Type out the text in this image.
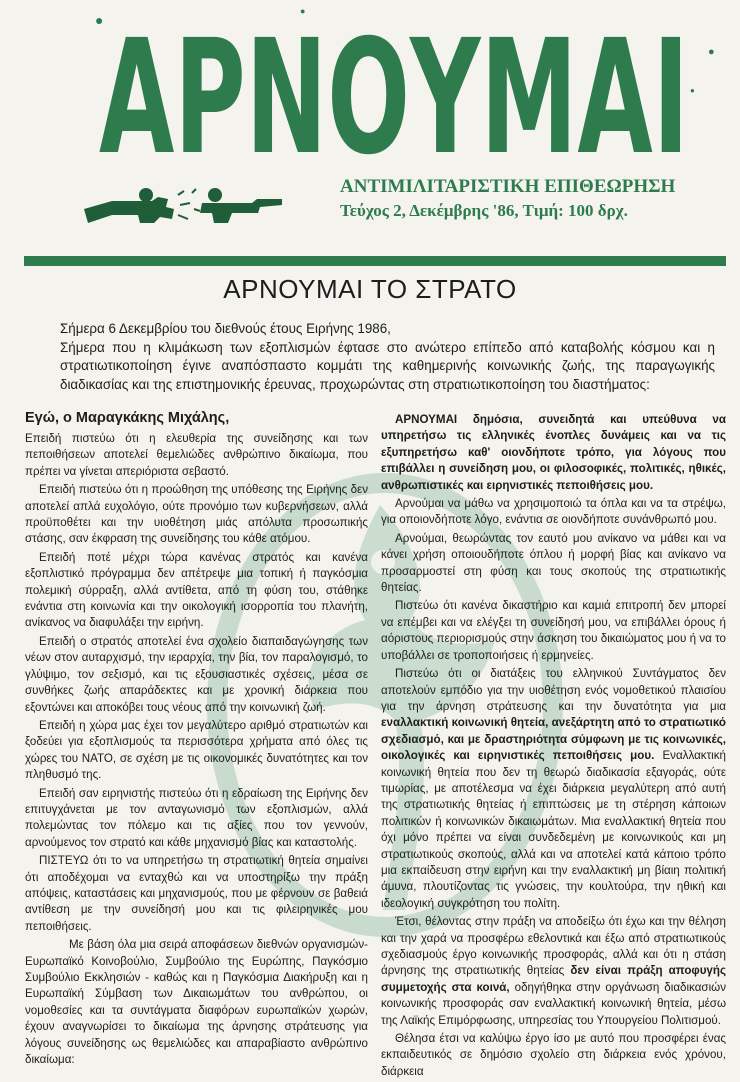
ΑΡΝΟΥΜΑΙ
●
●
●
●
ΑΝΤΙΜΙΛΙΤΑΡΙΣΤΙΚΗ ΕΠΙΘΕΩΡΗΣΗ
Τεύχος 2, Δεκέμβρης '86, Τιμή: 100 δρχ.
ΑΡΝΟΥΜΑΙ ΤΟ ΣΤΡΑΤΟ

Σήμερα 6 Δεκεμβρίου του διεθνούς έτους Ειρήνης 1986,

Σήμερα που η κλιμάκωση των εξοπλισμών έφτασε στο ανώτερο επίπεδο από καταβολής κόσμου και η στρατιωτικοποίηση έγινε αναπόσπαστο κομμάτι της καθημερινής κοινωνικής ζωής, της παραγωγικής διαδικασίας και της επιστημονικής έρευνας, προχωρώντας στη στρατιωτικοποίηση του διαστήματος:

Εγώ, ο Μαραγκάκης Μιχάλης,

Επειδή πιστεύω ότι η ελευθερία της συνείδησης και των πεποιθήσεων αποτελεί θεμελιώδες ανθρώπινο δικαίωμα, που πρέπει να γίνεται απεριόριστα σεβαστό.

Επειδή πιστεύω ότι η προώθηση της υπόθεσης της Ειρήνης δεν αποτελεί απλά ευχολόγιο, ούτε προνόμιο των κυβερνήσεων, αλλά προϋποθέτει και την υιοθέτηση μιάς απόλυτα προσωπικής στάσης, σαν έκφραση της συνείδησης του κάθε ατόμου.

Επειδή ποτέ μέχρι τώρα κανένας στρατός και κανένα εξοπλιστικό πρόγραμμα δεν απέτρεψε μια τοπική ή παγκόσμια πολεμική σύρραξη, αλλά αντίθετα, από τη φύση του, στάθηκε ενάντια στη κοινωνία και την οικολογική ισορροπία του πλανήτη, ανίκανος να διαφυλάξει την ειρήνη.

Επειδή ο στρατός αποτελεί ένα σχολείο διαπαιδαγώγησης των νέων στον αυταρχισμό, την ιεραρχία, την βία, τον παραλογισμό, το γλύψιμο, τον σεξισμό, και τις εξουσιαστικές σχέσεις, μέσα σε συνθήκες ζωής απαράδεκτες και με χρονική διάρκεια που εξοντώνει και αποκόβει τους νέους από την κοινωνική ζωή.

Επειδή η χώρα μας έχει τον μεγαλύτερο αριθμό στρατιωτών και ξοδεύει για εξοπλισμούς τα περισσότερα χρήματα από όλες τις χώρες του ΝΑΤΟ, σε σχέση με τις οικονομικές δυνατότητες και τον πληθυσμό της.

Επειδή σαν ειρηνιστής πιστεύω ότι η εδραίωση της Ειρήνης δεν επιτυγχάνεται με τον ανταγωνισμό των εξοπλισμών, αλλά πολεμώντας τον πόλεμο και τις αξίες που τον γεννούν, αρνούμενος τον στρατό και κάθε μηχανισμό βίας και καταστολής.

ΠΙΣΤΕΥΩ ότι το να υπηρετήσω τη στρατιωτική θητεία σημαίνει ότι αποδέχομαι να ενταχθώ και να υποστηρίξω την πράξη απόψεις, καταστάσεις και μηχανισμούς, που με φέρνουν σε βαθειά αντίθεση με την συνείδησή μου και τις φιλειρηνικές μου πεποιθήσεις.

Με βάση όλα μια σειρά αποφάσεων διεθνών οργανισμών-Ευρωπαϊκό Κοινοβούλιο, Συμβούλιο της Ευρώπης, Παγκόσμιο Συμβούλιο Εκκλησιών - καθώς και η Παγκόσμια Διακήρυξη και η Ευρωπαϊκή Σύμβαση των Δικαιωμάτων του ανθρώπου, οι νομοθεσίες και τα συντάγματα διαφόρων ευρωπαϊκών χωρών, έχουν αναγνωρίσει το δικαίωμα της άρνησης στράτευσης για λόγους συνείδησης ως θεμελιώδες και απαραβίαστο ανθρώπινο δικαίωμα:

ΑΡΝΟΥΜΑΙ δημόσια, συνειδητά και υπεύθυνα να υπηρετήσω τις ελληνικές ένοπλες δυνάμεις και να τις εξυπηρετήσω καθ' οιονδήποτε τρόπο, για λόγους που επιβάλλει η συνείδηση μου, οι φιλοσοφικές, πολιτικές, ηθικές, ανθρωπιστικές και ειρηνιστικές πεποιθήσεις μου.

Αρνούμαι να μάθω να χρησιμοποιώ τα όπλα και να τα στρέψω, για οποιονδήποτε λόγο, ενάντια σε οιονδήποτε συνάνθρωπό μου.

Αρνούμαι, θεωρώντας τον εαυτό μου ανίκανο να μάθει και να κάνει χρήση οποιουδήποτε όπλου ή μορφή βίας και ανίκανο να προσαρμοστεί στη φύση και τους σκοπούς της στρατιωτικής θητείας.

Πιστεύω ότι κανένα δικαστήριο και καμιά επιτροπή δεν μπορεί να επέμβει και να ελέγξει τη συνείδησή μου, να επιβάλλει όρους ή αόριστους περιορισμούς στην άσκηση του δικαιώματος μου ή να το υποβάλλει σε τροποποιήσεις ή ερμηνείες.

Πιστεύω ότι οι διατάξεις του ελληνικού Συντάγματος δεν αποτελούν εμπόδιο για την υιοθέτηση ενός νομοθετικού πλαισίου για την άρνηση στράτευσης και την δυνατότητα για μια εναλλακτική κοινωνική θητεία, ανεξάρτητη από το στρατιωτικό σχεδιασμό, και με δραστηριότητα σύμφωνη με τις κοινωνικές, οικολογικές και ειρηνιστικές πεποιθήσεις μου. Εναλλακτική κοινωνική θητεία που δεν τη θεωρώ διαδικασία εξαγοράς, ούτε τιμωρίας, με αποτέλεσμα να έχει διάρκεια μεγαλύτερη από αυτή της στρατιωτικής θητείας ή επιπτώσεις με τη στέρηση κάποιων πολιτικών ή κοινωνικών δικαιωμάτων. Μια εναλλακτική θητεία που όχι μόνο πρέπει να είναι συνδεδεμένη με κοινωνικούς και μη στρατιωτικούς σκοπούς, αλλά και να αποτελεί κατά κάποιο τρόπο μια εκπαίδευση στην ειρήνη και την εναλλακτική μη βίαιη πολιτική άμυνα, πλουτίζοντας τις γνώσεις, την κουλτούρα, την ηθική και ιδεολογική συγκρότηση του πολίτη.

Έτσι, θέλοντας στην πράξη να αποδείξω ότι έχω και την θέληση και την χαρά να προσφέρω εθελοντικά και έξω από στρατιωτικούς σχεδιασμούς έργο κοινωνικής προσφοράς, αλλά και ότι η στάση άρνησης της στρατιωτικής θητείας δεν είναι πράξη αποφυγής συμμετοχής στα κοινά, οδηγήθηκα στην οργάνωση διαδικασιών κοινωνικής προσφοράς σαν εναλλακτική κοινωνική θητεία, μέσω της Λαϊκής Επιμόρφωσης, υπηρεσίας του Υπουργείου Πολιτισμού.

Θέλησα έτσι να καλύψω έργο ίσο με αυτό που προσφέρει ένας εκπαιδευτικός σε δημόσιο σχολείο στη διάρκεια ενός χρόνου, διάρκεια
